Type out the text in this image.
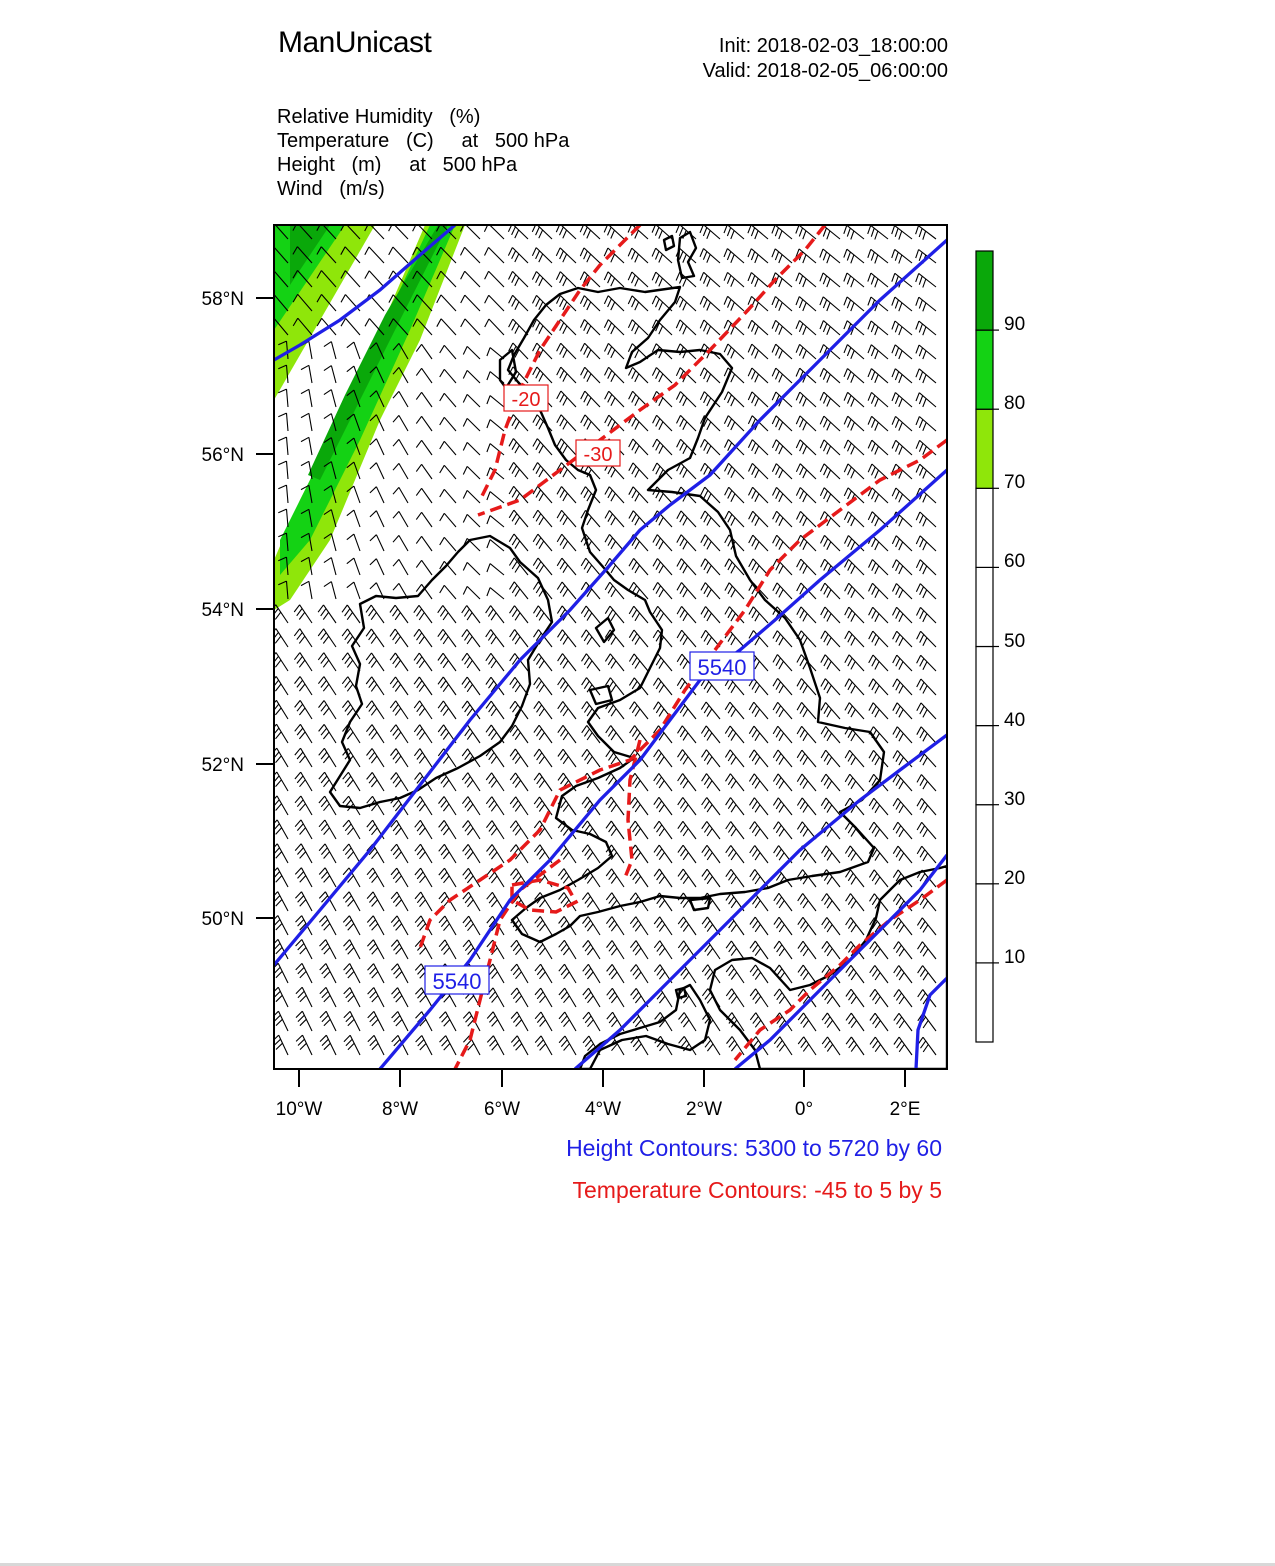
ManUnicast	Init: 2018-02-03_18:00:00
Valid: 2018-02-05_06:00:00
Relative Humidity   (%)
Temperature   (C)     at   500 hPa
Height   (m)     at   500 hPa
Wind   (m/s)
5540
5540
-20
-30
58°N
56°N
54°N
52°N
50°N
10°W	8°W	6°W	4°W	2°W	0°	2°E
90
80
70
60
50
40
30
20
10
Height Contours: 5300 to 5720 by 60
Temperature Contours: -45 to 5 by 5
